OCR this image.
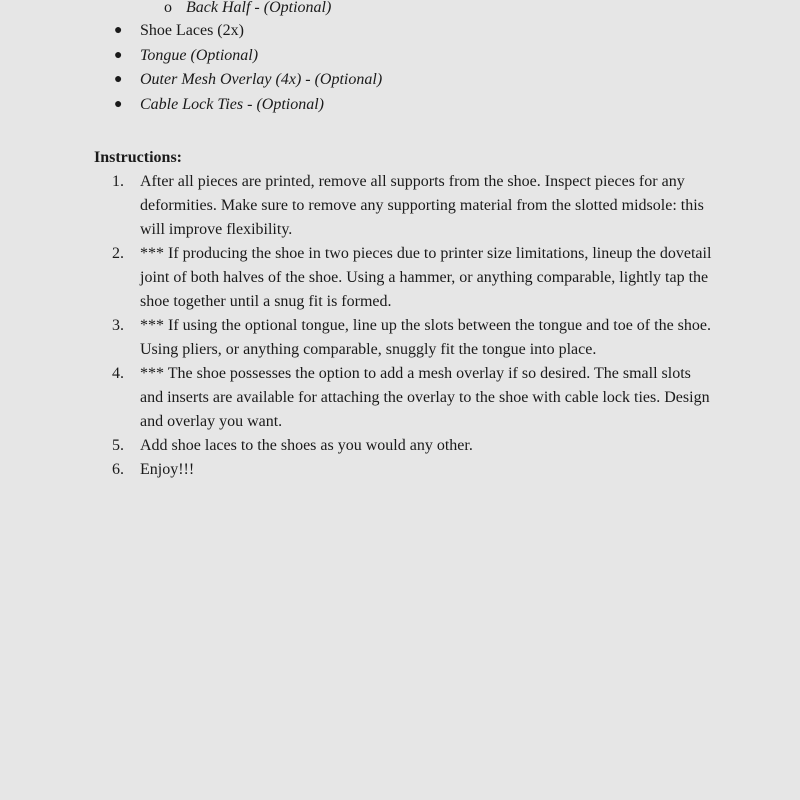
o Back Half - (Optional)
●	Shoe Laces (2x)
●	Tongue (Optional)
●	Outer Mesh Overlay (4x) - (Optional)
●	Cable Lock Ties - (Optional)
Instructions:
1.	After all pieces are printed, remove all supports from the shoe. Inspect pieces for any deformities. Make sure to remove any supporting material from the slotted midsole: this will improve flexibility.
2.	*** If producing the shoe in two pieces due to printer size limitations, lineup the dovetail joint of both halves of the shoe. Using a hammer, or anything comparable, lightly tap the shoe together until a snug fit is formed.
3.	*** If using the optional tongue, line up the slots between the tongue and toe of the shoe. Using pliers, or anything comparable, snuggly fit the tongue into place.
4.	*** The shoe possesses the option to add a mesh overlay if so desired. The small slots and inserts are available for attaching the overlay to the shoe with cable lock ties. Design and overlay you want.
5.	Add shoe laces to the shoes as you would any other.
6.	Enjoy!!!
